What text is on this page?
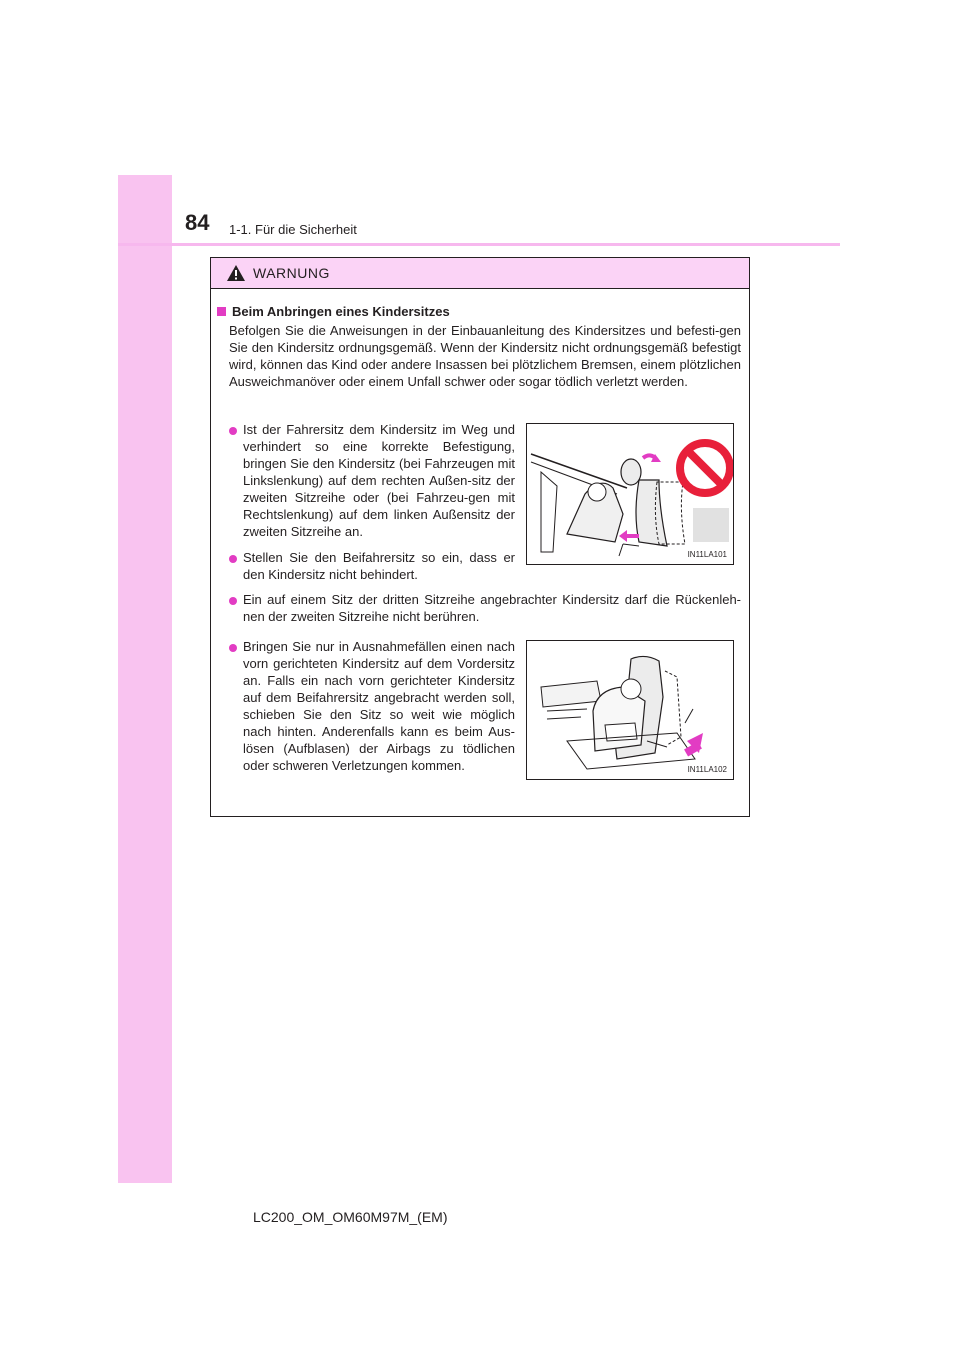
84 1-1. Für die Sicherheit
WARNUNG
Beim Anbringen eines Kindersitzes
Befolgen Sie die Anweisungen in der Einbauanleitung des Kindersitzes und befesti-gen Sie den Kindersitz ordnungsgemäß. Wenn der Kindersitz nicht ordnungsgemäß befestigt wird, können das Kind oder andere Insassen bei plötzlichem Bremsen, einem plötzlichen Ausweichmanöver oder einem Unfall schwer oder sogar tödlich verletzt werden.
Ist der Fahrersitz dem Kindersitz im Weg und verhindert so eine korrekte Befestigung, bringen Sie den Kindersitz (bei Fahrzeugen mit Linkslenkung) auf dem rechten Außen-sitz der zweiten Sitzreihe oder (bei Fahrzeu-gen mit Rechtslenkung) auf dem linken Außensitz der zweiten Sitzreihe an.
Stellen Sie den Beifahrersitz so ein, dass er den Kindersitz nicht behindert.
Ein auf einem Sitz der dritten Sitzreihe angebrachter Kindersitz darf die Rückenleh-nen der zweiten Sitzreihe nicht berühren.
Bringen Sie nur in Ausnahmefällen einen nach vorn gerichteten Kindersitz auf dem Vordersitz an. Falls ein nach vorn gerichteter Kindersitz auf dem Beifahrersitz angebracht werden soll, schieben Sie den Sitz so weit wie möglich nach hinten. Anderenfalls kann es beim Aus-lösen (Aufblasen) der Airbags zu tödlichen oder schweren Verletzungen kommen.
IN11LA101
IN11LA102
LC200_OM_OM60M97M_(EM)
